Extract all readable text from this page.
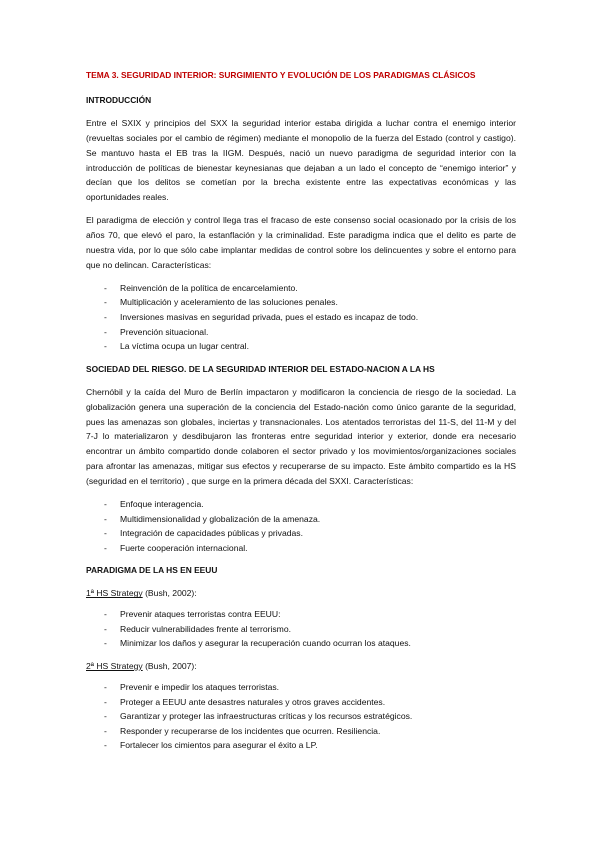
TEMA 3. SEGURIDAD INTERIOR: SURGIMIENTO Y EVOLUCIÓN DE LOS PARADIGMAS CLÁSICOS
INTRODUCCIÓN
Entre el SXIX y principios del SXX la seguridad interior estaba dirigida a luchar contra el enemigo interior (revueltas sociales por el cambio de régimen) mediante el monopolio de la fuerza del Estado (control y castigo). Se mantuvo hasta el EB tras la IIGM. Después, nació un nuevo paradigma de seguridad interior con la introducción de políticas de bienestar keynesianas que dejaban a un lado el concepto de “enemigo interior” y decían que los delitos se cometían por la brecha existente entre las expectativas económicas y las oportunidades reales.
El paradigma de elección y control llega tras el fracaso de este consenso social ocasionado por la crisis de los años 70, que elevó el paro, la estanflación y la criminalidad. Este paradigma indica que el delito es parte de nuestra vida, por lo que sólo cabe implantar medidas de control sobre los delincuentes y sobre el entorno para que no delincan. Características:
- Reinvención de la política de encarcelamiento.
- Multiplicación y aceleramiento de las soluciones penales.
- Inversiones masivas en seguridad privada, pues el estado es incapaz de todo.
- Prevención situacional.
- La víctima ocupa un lugar central.
SOCIEDAD DEL RIESGO. DE LA SEGURIDAD INTERIOR DEL ESTADO-NACION A LA HS
Chernóbil y la caída del Muro de Berlín impactaron y modificaron la conciencia de riesgo de la sociedad. La globalización genera una superación de la conciencia del Estado-nación como único garante de la seguridad, pues las amenazas son globales, inciertas y transnacionales. Los atentados terroristas del 11-S, del 11-M y del 7-J lo materializaron y desdibujaron las fronteras entre seguridad interior y exterior, donde era necesario encontrar un ámbito compartido donde colaboren el sector privado y los movimientos/organizaciones sociales para afrontar las amenazas, mitigar sus efectos y recuperarse de su impacto. Este ámbito compartido es la HS (seguridad en el territorio) , que surge en la primera década del SXXI. Características:
- Enfoque interagencia.
- Multidimensionalidad y globalización de la amenaza.
- Integración de capacidades públicas y privadas.
- Fuerte cooperación internacional.
PARADIGMA DE LA HS EN EEUU
1ª HS Strategy (Bush, 2002):
- Prevenir ataques terroristas contra EEUU:
- Reducir vulnerabilidades frente al terrorismo.
- Minimizar los daños y asegurar la recuperación cuando ocurran los ataques.
2ª HS Strategy (Bush, 2007):
- Prevenir e impedir los ataques terroristas.
- Proteger a EEUU ante desastres naturales y otros graves accidentes.
- Garantizar y proteger las infraestructuras críticas y los recursos estratégicos.
- Responder y recuperarse de los incidentes que ocurren. Resiliencia.
- Fortalecer los cimientos para asegurar el éxito a LP.
